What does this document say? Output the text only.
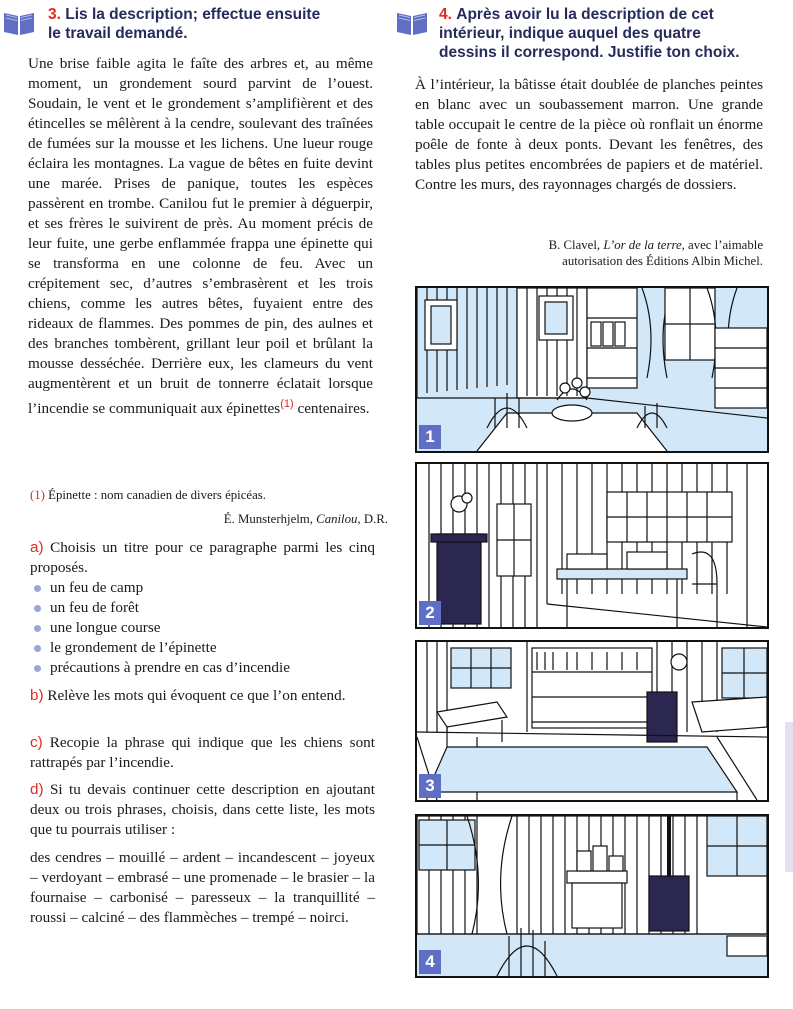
3. Lis la description; effectue ensuite
le travail demandé.

Une brise faible agita le faîte des arbres et, au même moment, un grondement sourd parvint de l’ouest. Soudain, le vent et le grondement s’amplifièrent et des étincelles se mêlèrent à la cendre, soulevant des traînées de fumées sur la mousse et les lichens. Une lueur rouge éclaira les montagnes. La vague de bêtes en fuite devint une marée. Prises de panique, toutes les espèces passèrent en trombe. Canilou fut le premier à déguerpir, et ses frères le suivirent de près. Au moment précis de leur fuite, une gerbe enflammée frappa une épinette qui se transforma en une colonne de feu. Avec un crépitement sec, d’autres s’embrasèrent et les trois chiens, comme les autres bêtes, fuyaient entre des rideaux de flammes. Des pommes de pin, des aulnes et des branches tombèrent, grillant leur poil et brûlant la mousse desséchée. Derrière eux, les clameurs du vent augmentèrent et un bruit de tonnerre éclatait lorsque l’incendie se communiquait aux épinettes$^{(1)}$ centenaires.

(1) Épinette : nom canadien de divers épicéas.
É. Munsterhjelm, Canilou, D.R.
a) Choisis un titre pour ce paragraphe parmi les cinq proposés.
un feu de camp
un feu de forêt
une longue course
le grondement de l’épinette
précautions à prendre en cas d’incendie
b) Relève les mots qui évoquent ce que l’on entend.
c) Recopie la phrase qui indique que les chiens sont rattrapés par l’incendie.
d) Si tu devais continuer cette description en ajoutant deux ou trois phrases, choisis, dans cette liste, les mots que tu pourrais utiliser :
des cendres – mouillé – ardent – incandescent – joyeux – verdoyant – embrasé – une promenade – le brasier – la fournaise – carbonisé – paresseux – la tranquillité – roussi – calciné – des flammèches – trempé – noirci.
4. Après avoir lu la description de cet
intérieur, indique auquel des quatre
dessins il correspond. Justifie ton choix.

À l’intérieur, la bâtisse était doublée de planches peintes en blanc avec un soubassement marron. Une grande table occupait le centre de la pièce où ronflait un énorme poêle de fonte à deux ponts. Devant les fenêtres, des tables plus petites encombrées de papiers et de matériel. Contre les murs, des rayonnages chargés de dossiers.

B. Clavel, L’or de la terre, avec l’aimable
autorisation des Éditions Albin Michel.
1
2
3
4
